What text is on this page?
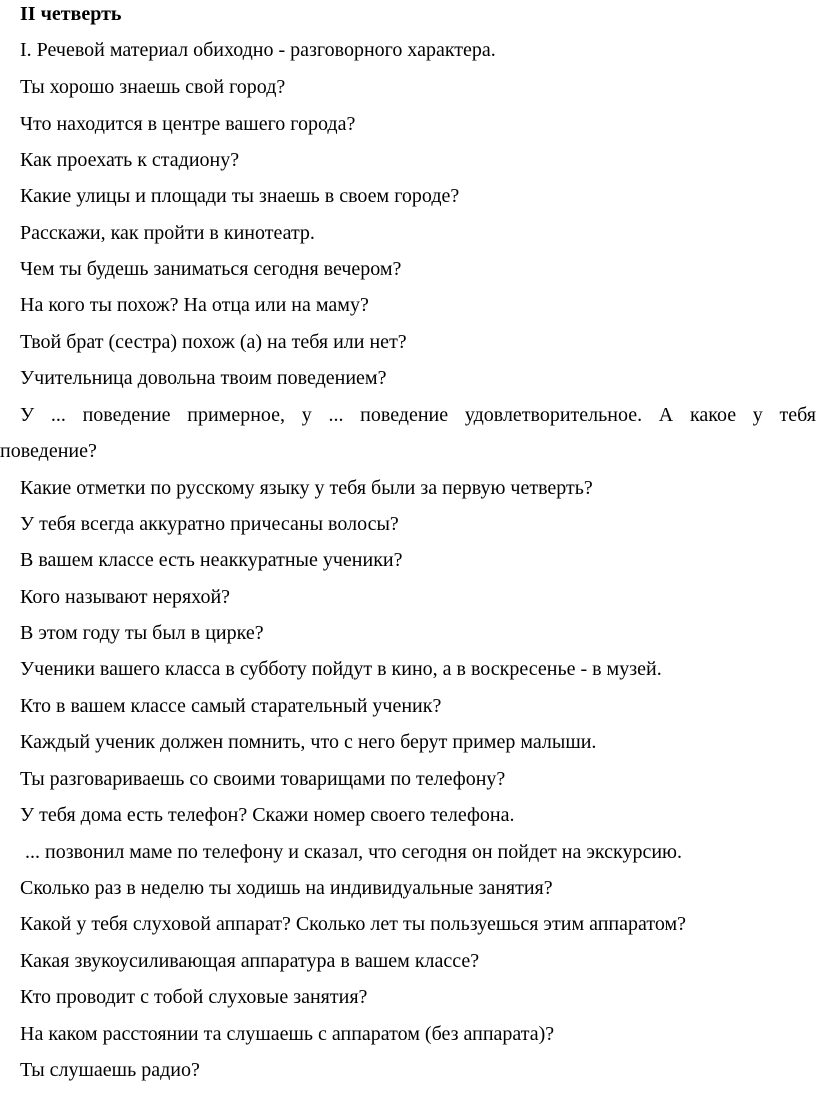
II четверть
I. Речевой материал обиходно - разговорного характера.
Ты хорошо знаешь свой город?
Что находится в центре вашего города?
Как проехать к стадиону?
Какие улицы и площади ты знаешь в своем городе?
Расскажи, как пройти в кинотеатр.
Чем ты будешь заниматься сегодня вечером?
На кого ты похож? На отца или на маму?
Твой брат (сестра) похож (а) на тебя или нет?
Учительница довольна твоим поведением?
У ... поведение примерное, у ... поведение удовлетворительное. А какое у тебя
поведение?
Какие отметки по русскому языку у тебя были за первую четверть?
У тебя всегда аккуратно причесаны волосы?
В вашем классе есть неаккуратные ученики?
Кого называют неряхой?
В этом году ты был в цирке?
Ученики вашего класса в субботу пойдут в кино, а в воскресенье - в музей.
Кто в вашем классе самый старательный ученик?
Каждый ученик должен помнить, что с него берут пример малыши.
Ты разговариваешь со своими товарищами по телефону?
У тебя дома есть телефон? Скажи номер своего телефона.
... позвонил маме по телефону и сказал, что сегодня он пойдет на экскурсию.
Сколько раз в неделю ты ходишь на индивидуальные занятия?
Какой у тебя слуховой аппарат? Сколько лет ты пользуешься этим аппаратом?
Какая звукоусиливающая аппаратура в вашем классе?
Кто проводит с тобой слуховые занятия?
На каком расстоянии та слушаешь с аппаратом (без аппарата)?
Ты слушаешь радио?
